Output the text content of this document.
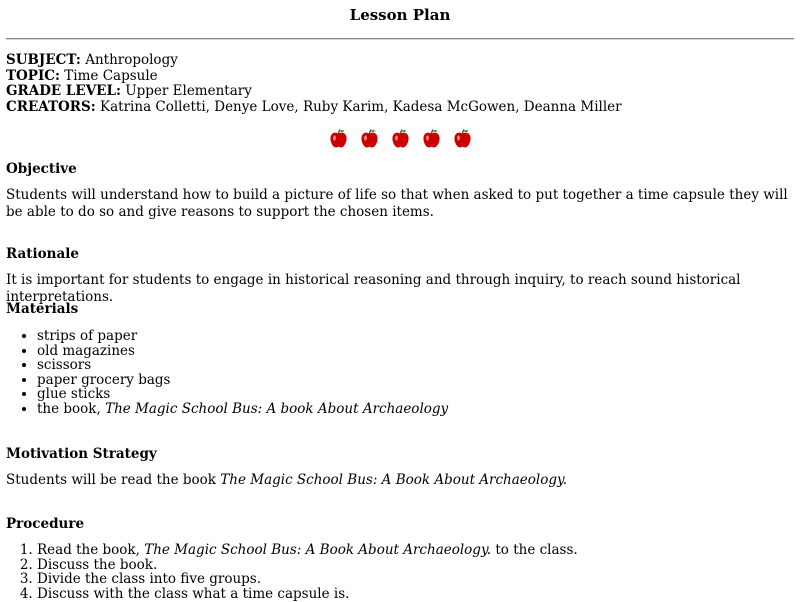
Lesson Plan
SUBJECT: Anthropology
TOPIC: Time Capsule
GRADE LEVEL: Upper Elementary
CREATORS: Katrina Colletti, Denye Love, Ruby Karim, Kadesa McGowen, Deanna Miller
Objective

Students will understand how to build a picture of life so that when asked to put together a time capsule they will be able to do so and give reasons to support the chosen items.

Rationale

It is important for students to engage in historical reasoning and through inquiry, to reach sound historical interpretations.

Materials
• strips of paper
• old magazines
• scissors
• paper grocery bags
• glue sticks
• the book, The Magic School Bus: A book About Archaeology
Motivation Strategy

Students will be read the book The Magic School Bus: A Book About Archaeology.

Procedure
1. Read the book, The Magic School Bus: A Book About Archaeology. to the class.
2. Discuss the book.
3. Divide the class into five groups.
4. Discuss with the class what a time capsule is.
